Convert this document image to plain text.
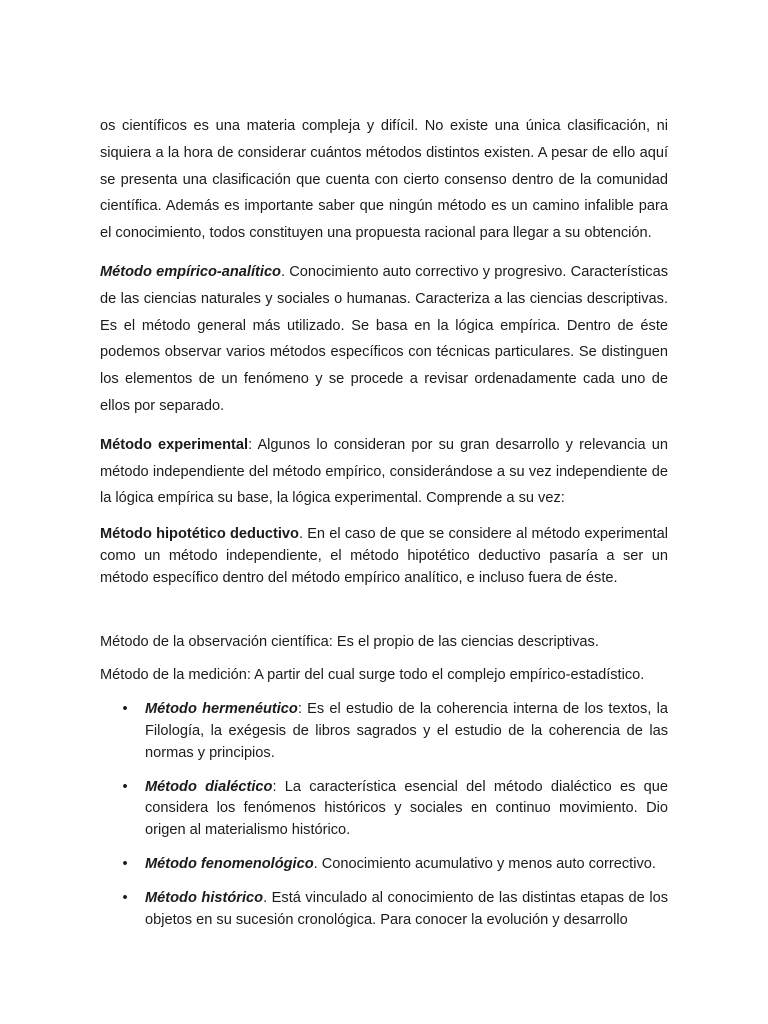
os científicos es una materia compleja y difícil. No existe una única clasificación, ni siquiera a la hora de considerar cuántos métodos distintos existen. A pesar de ello aquí se presenta una clasificación que cuenta con cierto consenso dentro de la comunidad científica. Además es importante saber que ningún método es un camino infalible para el conocimiento, todos constituyen una propuesta racional para llegar a su obtención.

Método empírico-analítico. Conocimiento auto correctivo y progresivo. Características de las ciencias naturales y sociales o humanas. Caracteriza a las ciencias descriptivas. Es el método general más utilizado. Se basa en la lógica empírica. Dentro de éste podemos observar varios métodos específicos con técnicas particulares. Se distinguen los elementos de un fenómeno y se procede a revisar ordenadamente cada uno de ellos por separado.

Método experimental: Algunos lo consideran por su gran desarrollo y relevancia un método independiente del método empírico, considerándose a su vez independiente de la lógica empírica su base, la lógica experimental. Comprende a su vez:

Método hipotético deductivo. En el caso de que se considere al método experimental como un método independiente, el método hipotético deductivo pasaría a ser un método específico dentro del método empírico analítico, e incluso fuera de éste.

Método de la observación científica: Es el propio de las ciencias descriptivas.

Método de la medición: A partir del cual surge todo el complejo empírico-estadístico.

• Método hermenéutico: Es el estudio de la coherencia interna de los textos, la Filología, la exégesis de libros sagrados y el estudio de la coherencia de las normas y principios.

• Método dialéctico: La característica esencial del método dialéctico es que considera los fenómenos históricos y sociales en continuo movimiento. Dio origen al materialismo histórico.

• Método fenomenológico. Conocimiento acumulativo y menos auto correctivo.

• Método histórico. Está vinculado al conocimiento de las distintas etapas de los objetos en su sucesión cronológica. Para conocer la evolución y desarrollo
